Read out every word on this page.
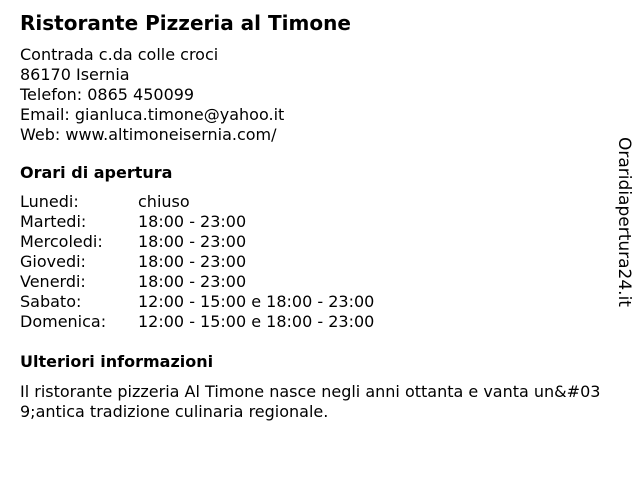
Ristorante Pizzeria al Timone
Contrada c.da colle croci
86170 Isernia
Telefon: 0865 450099
Email: gianluca.timone@yahoo.it
Web: www.altimoneisernia.com/
Orari di apertura
Lunedi:	chiuso
Martedi:	18:00 - 23:00
Mercoledi:	18:00 - 23:00
Giovedi:	18:00 - 23:00
Venerdi:	18:00 - 23:00
Sabato:	12:00 - 15:00 e 18:00 - 23:00
Domenica:	12:00 - 15:00 e 18:00 - 23:00
Ulteriori informazioni
Il ristorante pizzeria Al Timone nasce negli anni ottanta e vanta un&#039;antica tradizione culinaria regionale.
Oraridiapertura24.it
